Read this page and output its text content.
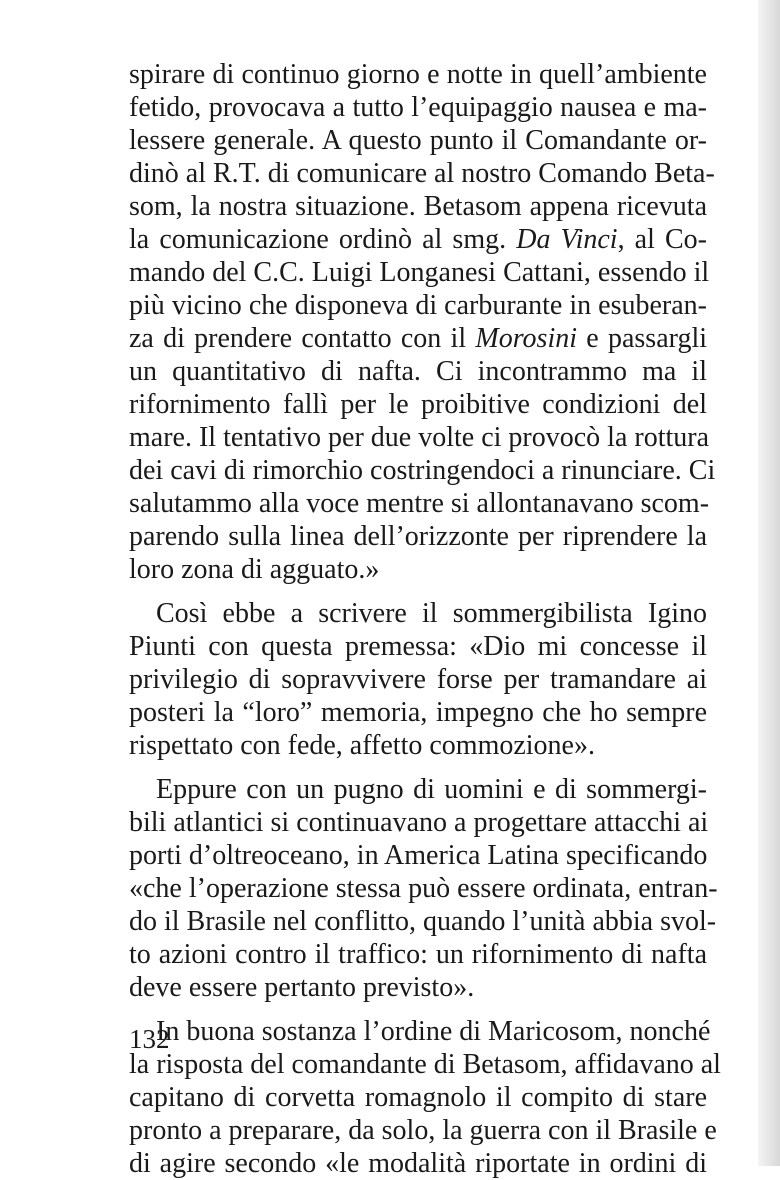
spirare di continuo giorno e notte in quell’ambiente
fetido, provocava a tutto l’equipaggio nausea e ma-
lessere generale. A questo punto il Comandante or-
dinò al R.T. di comunicare al nostro Comando Beta-
som, la nostra situazione. Betasom appena ricevuta
la comunicazione ordinò al smg. Da Vinci, al Co-
mando del C.C. Luigi Longanesi Cattani, essendo il
più vicino che disponeva di carburante in esuberan-
za di prendere contatto con il Morosini e passargli
un quantitativo di nafta. Ci incontrammo ma il
rifornimento fallì per le proibitive condizioni del
mare. Il tentativo per due volte ci provocò la rottura
dei cavi di rimorchio costringendoci a rinunciare. Ci
salutammo alla voce mentre si allontanavano scom-
parendo sulla linea dell’orizzonte per riprendere la
loro zona di agguato.»
Così ebbe a scrivere il sommergibilista Igino
Piunti con questa premessa: «Dio mi concesse il
privilegio di sopravvivere forse per tramandare ai
posteri la “loro” memoria, impegno che ho sempre
rispettato con fede, affetto commozione».
Eppure con un pugno di uomini e di sommergi-
bili atlantici si continuavano a progettare attacchi ai
porti d’oltreoceano, in America Latina specificando
«che l’operazione stessa può essere ordinata, entran-
do il Brasile nel conflitto, quando l’unità abbia svol-
to azioni contro il traffico: un rifornimento di nafta
deve essere pertanto previsto».
In buona sostanza l’ordine di Maricosom, nonché
la risposta del comandante di Betasom, affidavano al
capitano di corvetta romagnolo il compito di stare
pronto a preparare, da solo, la guerra con il Brasile e
di agire secondo «le modalità riportate in ordini di
132
